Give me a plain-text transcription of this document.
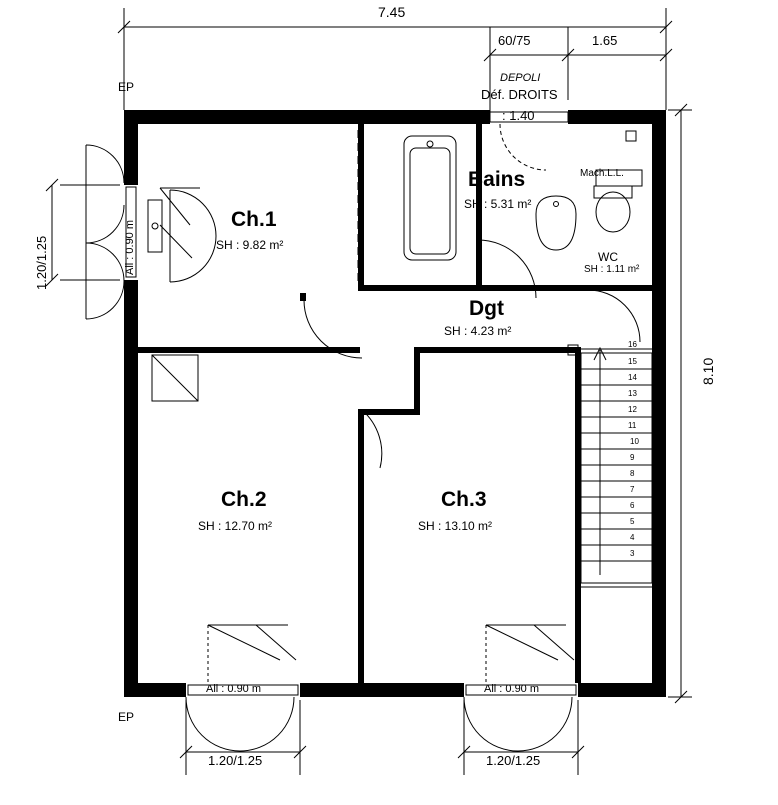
7.45
60/75	1.65
DEPOLI
Déf. DROITS
: 1.40
EP
EP
8.10
1.20/1.25	All : 0.90 m
Ch.1
SH : 9.82 m²
Ch.2
SH : 12.70 m²
Ch.3
SH : 13.10 m²
Bains
SH : 5.31 m²
Dgt
SH : 4.23 m²
WC
SH : 1.11 m²
Mach.L.L.
16
15
14
13
12
11
10
9
8
7
6
5
4
3
All : 0.90 m	All : 0.90 m
1.20/1.25	1.20/1.25
